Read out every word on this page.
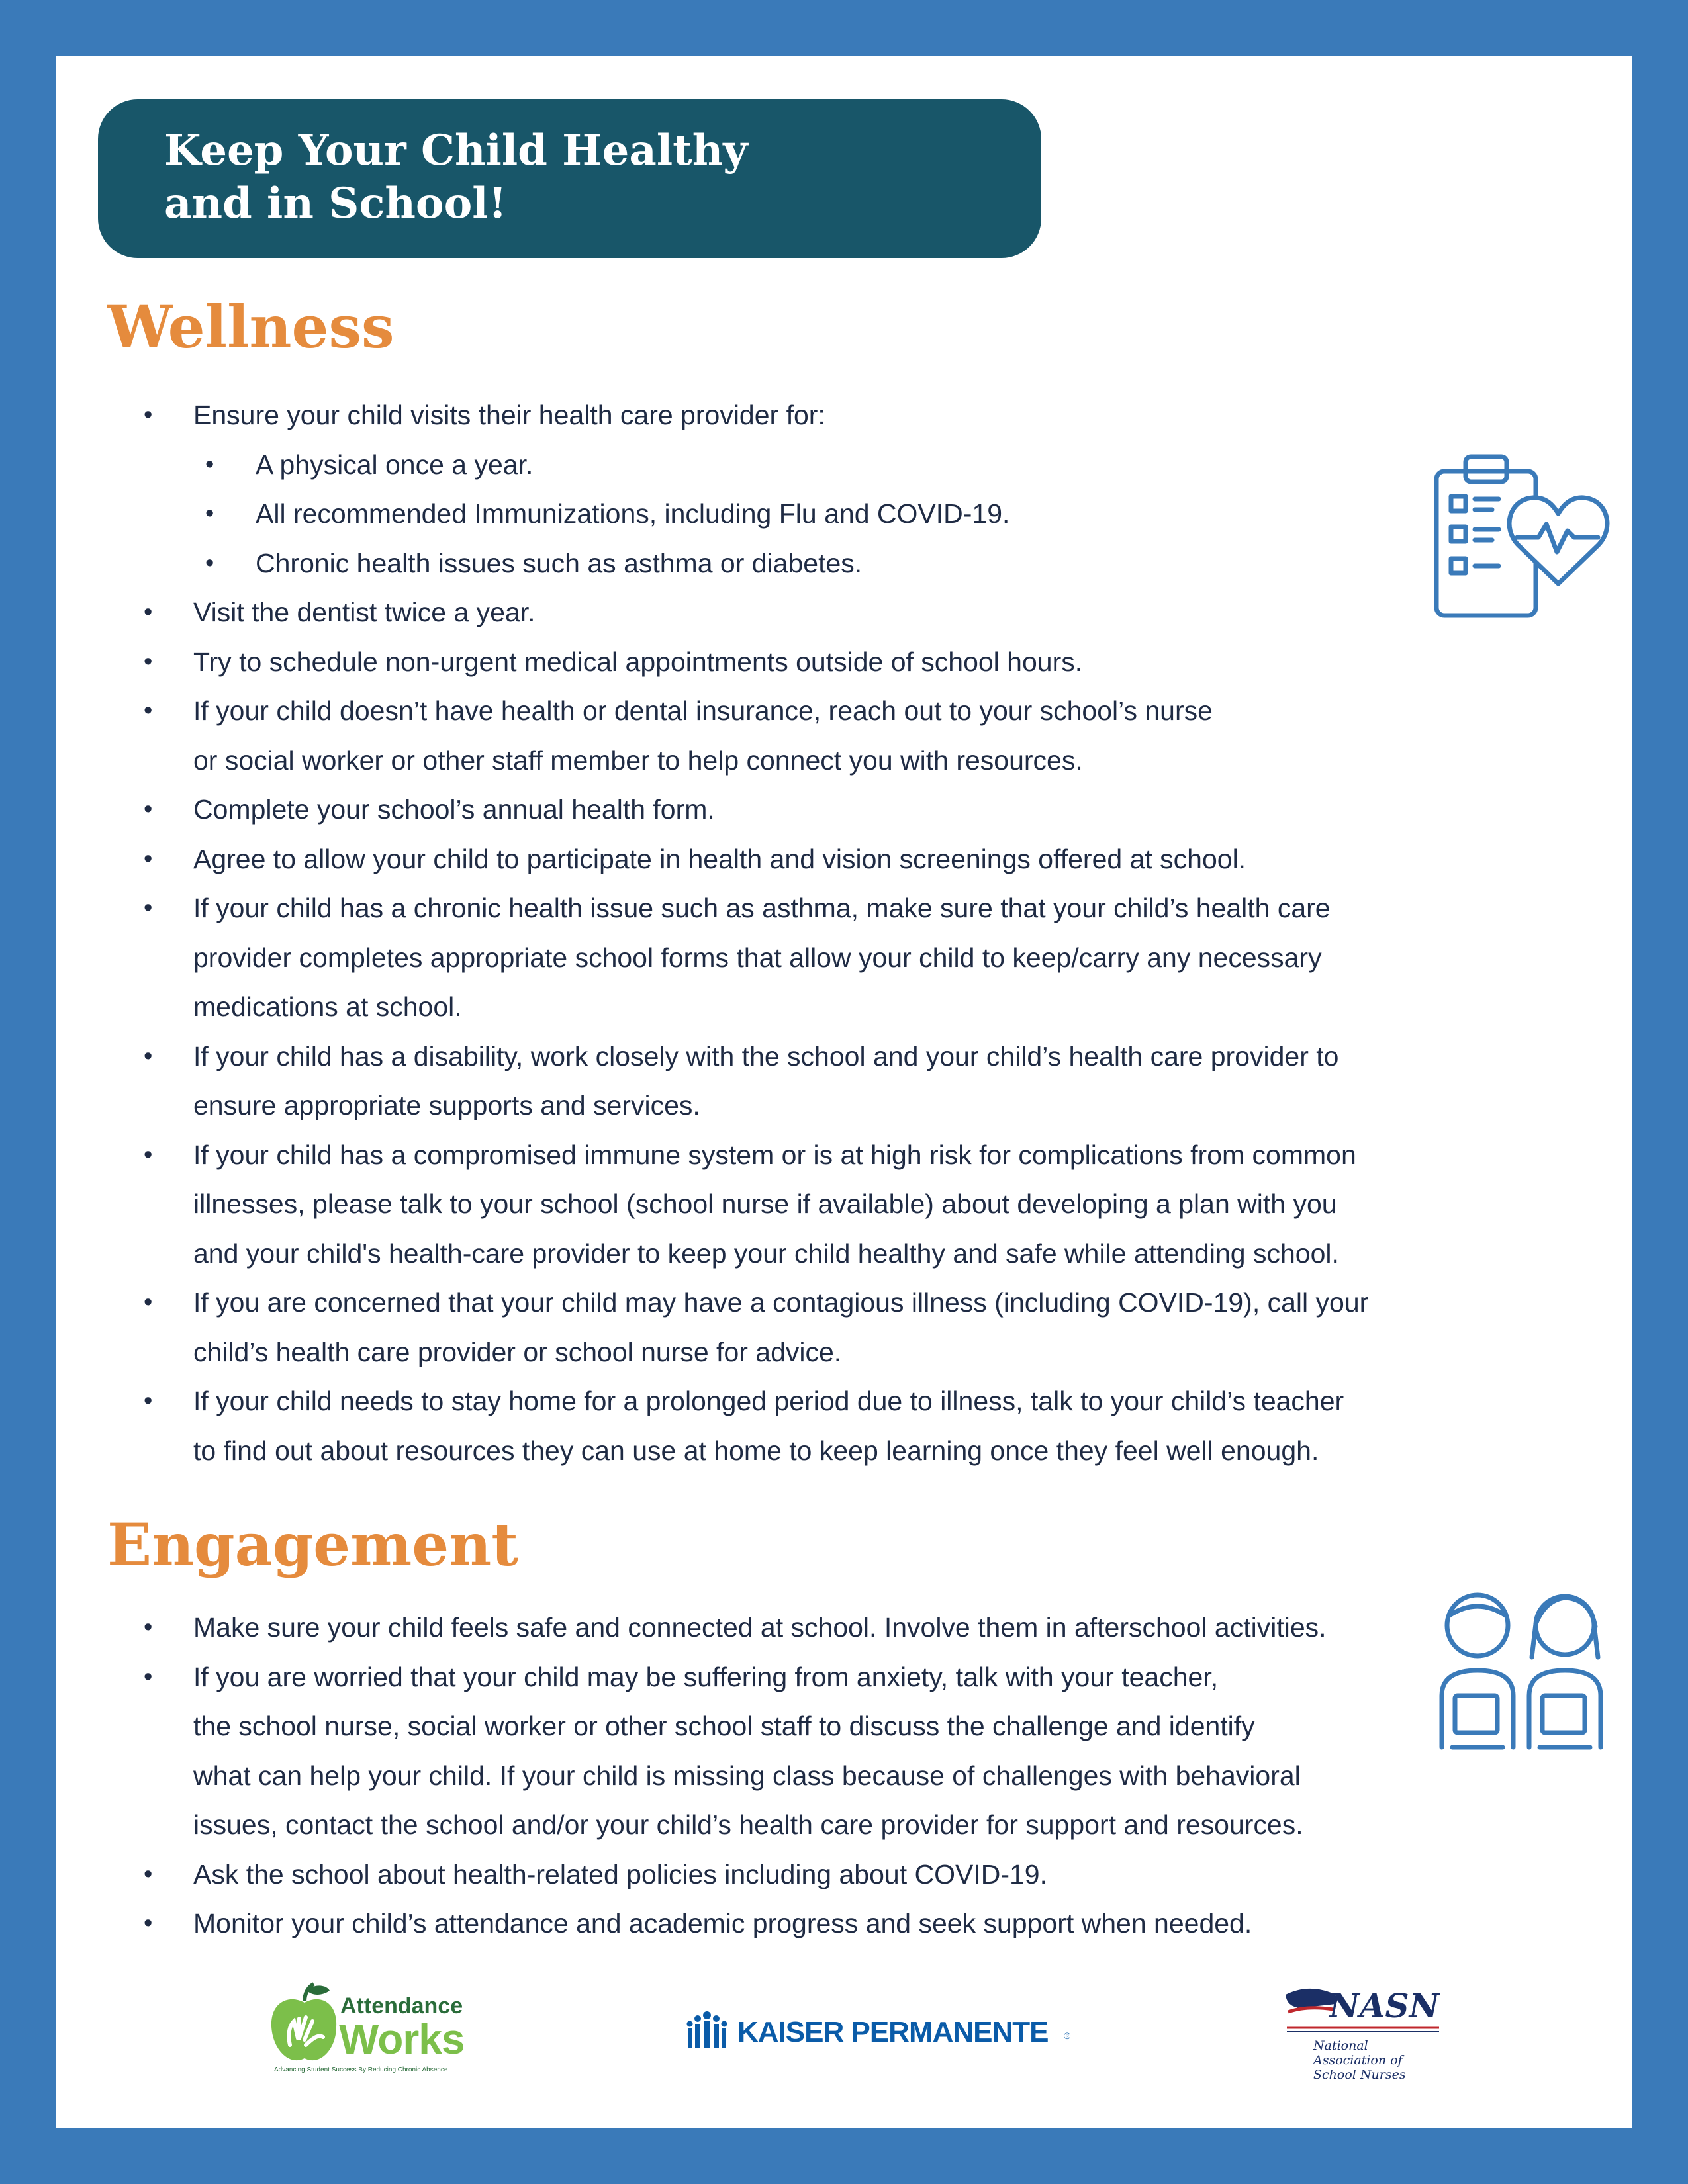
Keep Your Child Healthy
and in School!
Wellness
• Ensure your child visits their health care provider for:
• A physical once a year.
• All recommended Immunizations, including Flu and COVID-19.
• Chronic health issues such as asthma or diabetes.
• Visit the dentist twice a year.
• Try to schedule non-urgent medical appointments outside of school hours.
• If your child doesn’t have health or dental insurance, reach out to your school’s nurse
or social worker or other staff member to help connect you with resources.
• Complete your school’s annual health form.
• Agree to allow your child to participate in health and vision screenings offered at school.
• If your child has a chronic health issue such as asthma, make sure that your child’s health care
provider completes appropriate school forms that allow your child to keep/carry any necessary
medications at school.
• If your child has a disability, work closely with the school and your child’s health care provider to
ensure appropriate supports and services.
• If your child has a compromised immune system or is at high risk for complications from common
illnesses, please talk to your school (school nurse if available) about developing a plan with you
and your child's health-care provider to keep your child healthy and safe while attending school.
• If you are concerned that your child may have a contagious illness (including COVID-19), call your
child’s health care provider or school nurse for advice.
• If your child needs to stay home for a prolonged period due to illness, talk to your child’s teacher
to find out about resources they can use at home to keep learning once they feel well enough.
Engagement
• Make sure your child feels safe and connected at school. Involve them in afterschool activities.
• If you are worried that your child may be suffering from anxiety, talk with your teacher,
the school nurse, social worker or other school staff to discuss the challenge and identify
what can help your child. If your child is missing class because of challenges with behavioral
issues, contact the school and/or your child’s health care provider for support and resources.
• Ask the school about health-related policies including about COVID-19.
• Monitor your child’s attendance and academic progress and seek support when needed.
Attendance
Works
Advancing Student Success By Reducing Chronic Absence
KAISER PERMANENTE ®
NASN
National
Association of
School Nurses
